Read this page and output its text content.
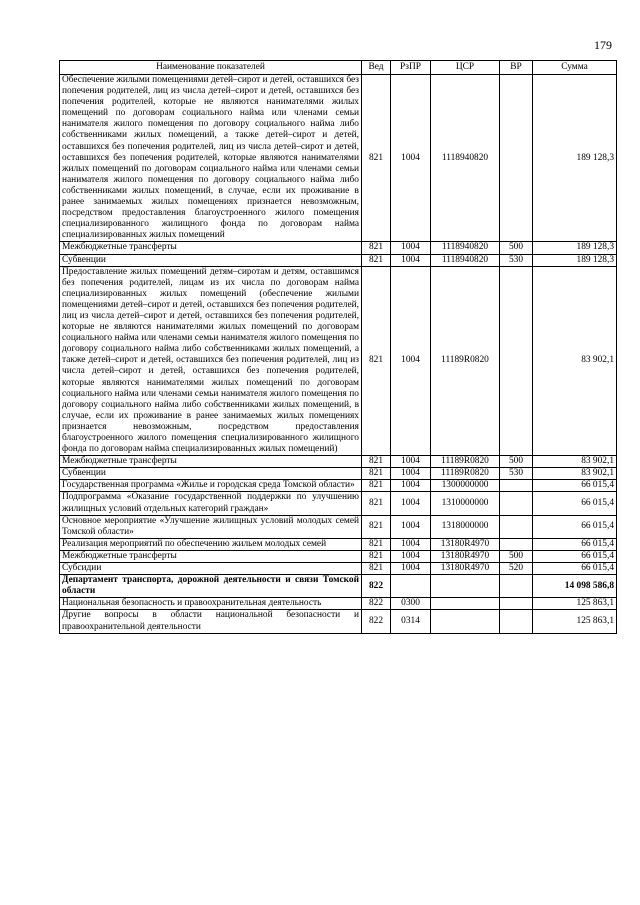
179
Наименование показателей	Вед	РзПР	ЦСР	ВР	Сумма
Обеспечение жилыми помещениями детей–сирот и детей, оставшихся без попечения родителей, лиц из числа детей–сирот и детей, оставшихся без попечения родителей, которые не являются нанимателями жилых помещений по договорам социального найма или членами семьи нанимателя жилого помещения по договору социального найма либо собственниками жилых помещений, а также детей–сирот и детей, оставшихся без попечения родителей, лиц из числа детей–сирот и детей, оставшихся без попечения родителей, которые являются нанимателями жилых помещений по договорам социального найма или членами семьи нанимателя жилого помещения по договору социального найма либо собственниками жилых помещений, в случае, если их проживание в ранее занимаемых жилых помещениях признается невозможным, посредством предоставления благоустроенного жилого помещения специализированного жилищного фонда по договорам найма специализированных жилых помещений	821	1004	1118940820		189 128,3
Межбюджетные трансферты	821	1004	1118940820	500	189 128,3
Субвенции	821	1004	1118940820	530	189 128,3
Предоставление жилых помещений детям–сиротам и детям, оставшимся без попечения родителей, лицам из их числа по договорам найма специализированных жилых помещений (обеспечение жилыми помещениями детей–сирот и детей, оставшихся без попечения родителей, лиц из числа детей–сирот и детей, оставшихся без попечения родителей, которые не являются нанимателями жилых помещений по договорам социального найма или членами семьи нанимателя жилого помещения по договору социального найма либо собственниками жилых помещений, а также детей–сирот и детей, оставшихся без попечения родителей, лиц из числа детей–сирот и детей, оставшихся без попечения родителей, которые являются нанимателями жилых помещений по договорам социального найма или членами семьи нанимателя жилого помещения по договору социального найма либо собственниками жилых помещений, в случае, если их проживание в ранее занимаемых жилых помещениях признается невозможным, посредством предоставления благоустроенного жилого помещения специализированного жилищного фонда по договорам найма специализированных жилых помещений)	821	1004	11189R0820		83 902,1
Межбюджетные трансферты	821	1004	11189R0820	500	83 902,1
Субвенции	821	1004	11189R0820	530	83 902,1
Государственная программа «Жилье и городская среда Томской области»	821	1004	1300000000		66 015,4
Подпрограмма «Оказание государственной поддержки по улучшению жилищных условий отдельных категорий граждан»	821	1004	1310000000		66 015,4
Основное мероприятие «Улучшение жилищных условий молодых семей Томской области»	821	1004	1318000000		66 015,4
Реализация мероприятий по обеспечению жильем молодых семей	821	1004	13180R4970		66 015,4
Межбюджетные трансферты	821	1004	13180R4970	500	66 015,4
Субсидии	821	1004	13180R4970	520	66 015,4
Департамент транспорта, дорожной деятельности и связи Томской области	822				14 098 586,8
Национальная безопасность и правоохранительная деятельность	822	0300			125 863,1
Другие вопросы в области национальной безопасности и правоохранительной деятельности	822	0314			125 863,1
